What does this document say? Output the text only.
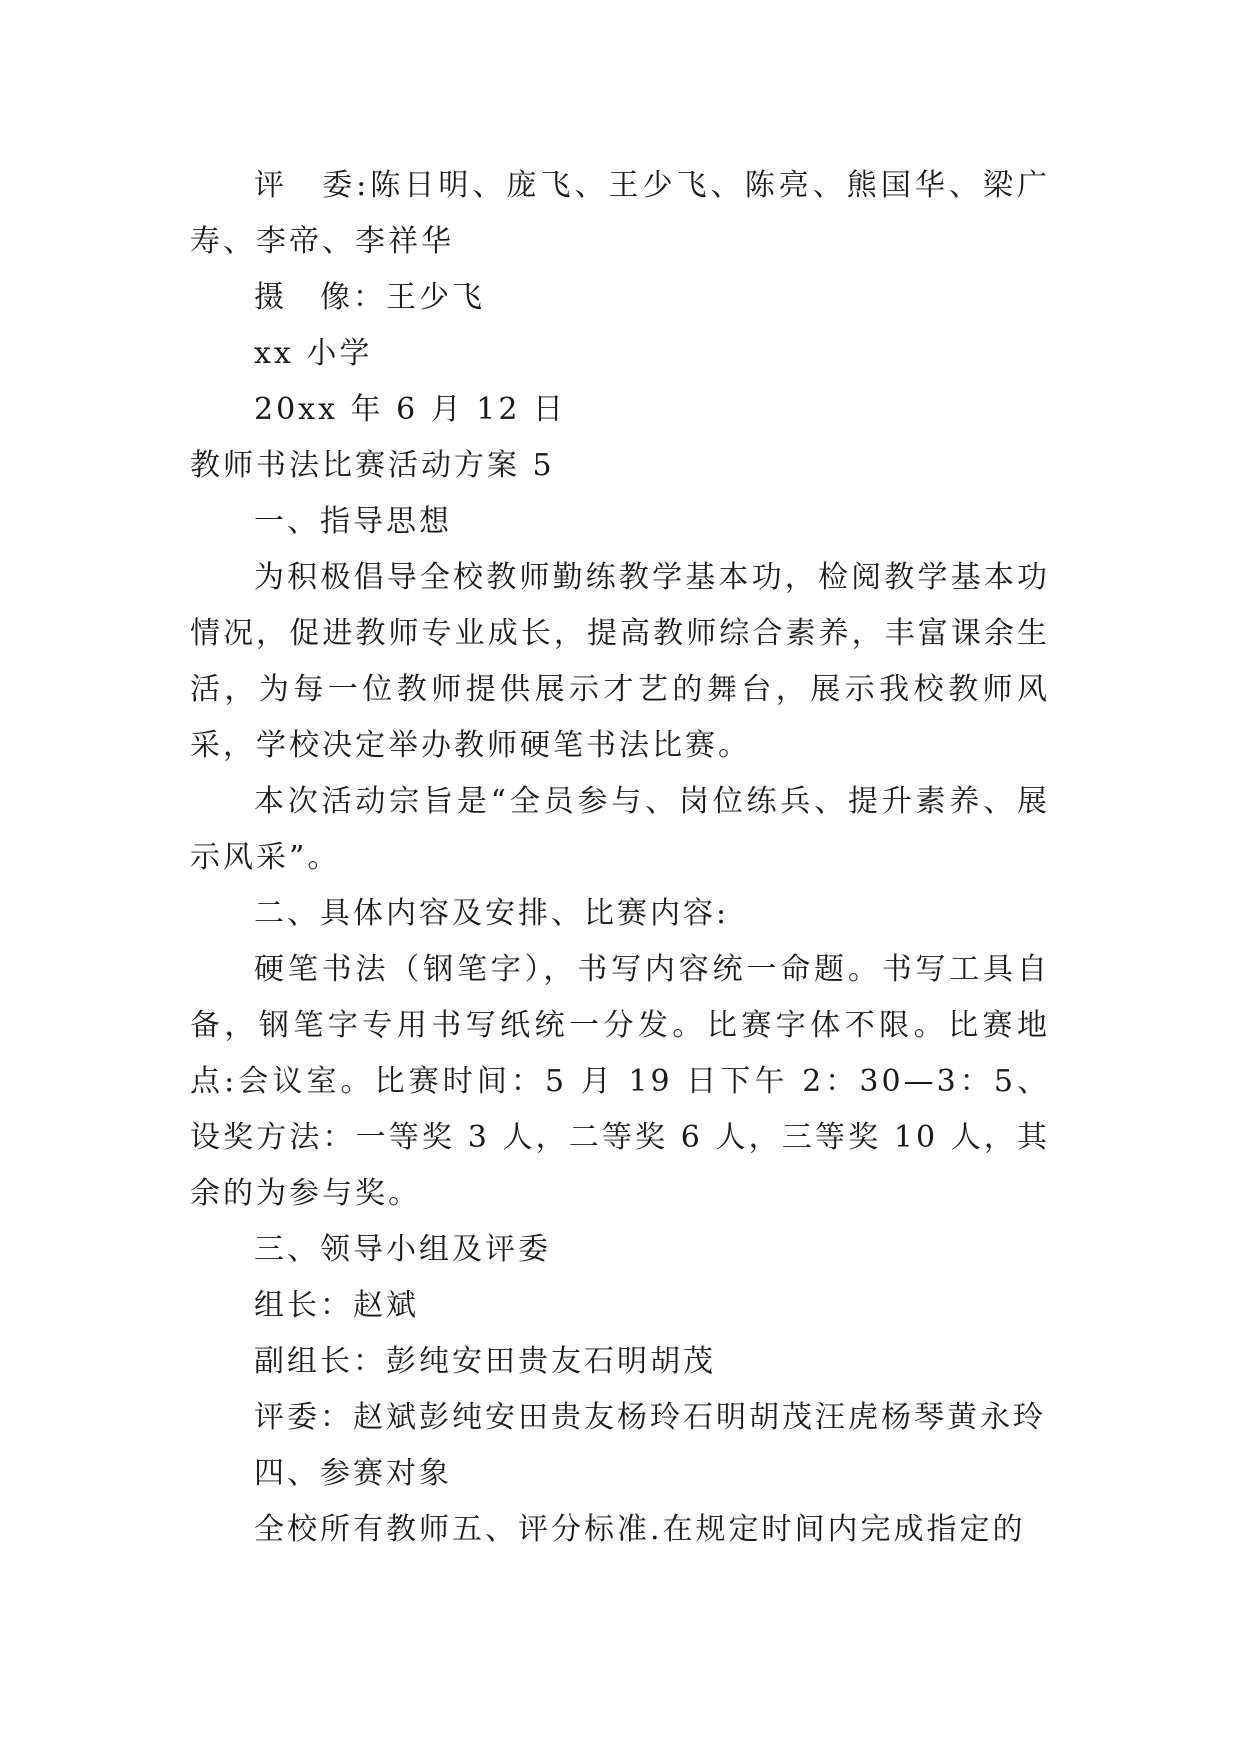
评　委:陈日明、庞飞、王少飞、陈亮、熊国华、梁广寿、李帝、李祥华

摄　像：王少飞

xx 小学

20xx 年 6 月 12 日

教师书法比赛活动方案 5

一、指导思想

为积极倡导全校教师勤练教学基本功，检阅教学基本功情况，促进教师专业成长，提高教师综合素养，丰富课余生活，为每一位教师提供展示才艺的舞台，展示我校教师风采，学校决定举办教师硬笔书法比赛。

本次活动宗旨是“全员参与、岗位练兵、提升素养、展示风采”。

二、具体内容及安排、比赛内容:

硬笔书法（钢笔字），书写内容统一命题。书写工具自备，钢笔字专用书写纸统一分发。比赛字体不限。比赛地点:会议室。比赛时间：5 月 19 日下午 2：30—3：5、设奖方法：一等奖 3 人，二等奖 6 人，三等奖 10 人，其余的为参与奖。

三、领导小组及评委

组长：赵斌

副组长：彭纯安田贵友石明胡茂

评委：赵斌彭纯安田贵友杨玲石明胡茂汪虎杨琴黄永玲

四、参赛对象

全校所有教师五、评分标准.在规定时间内完成指定的
